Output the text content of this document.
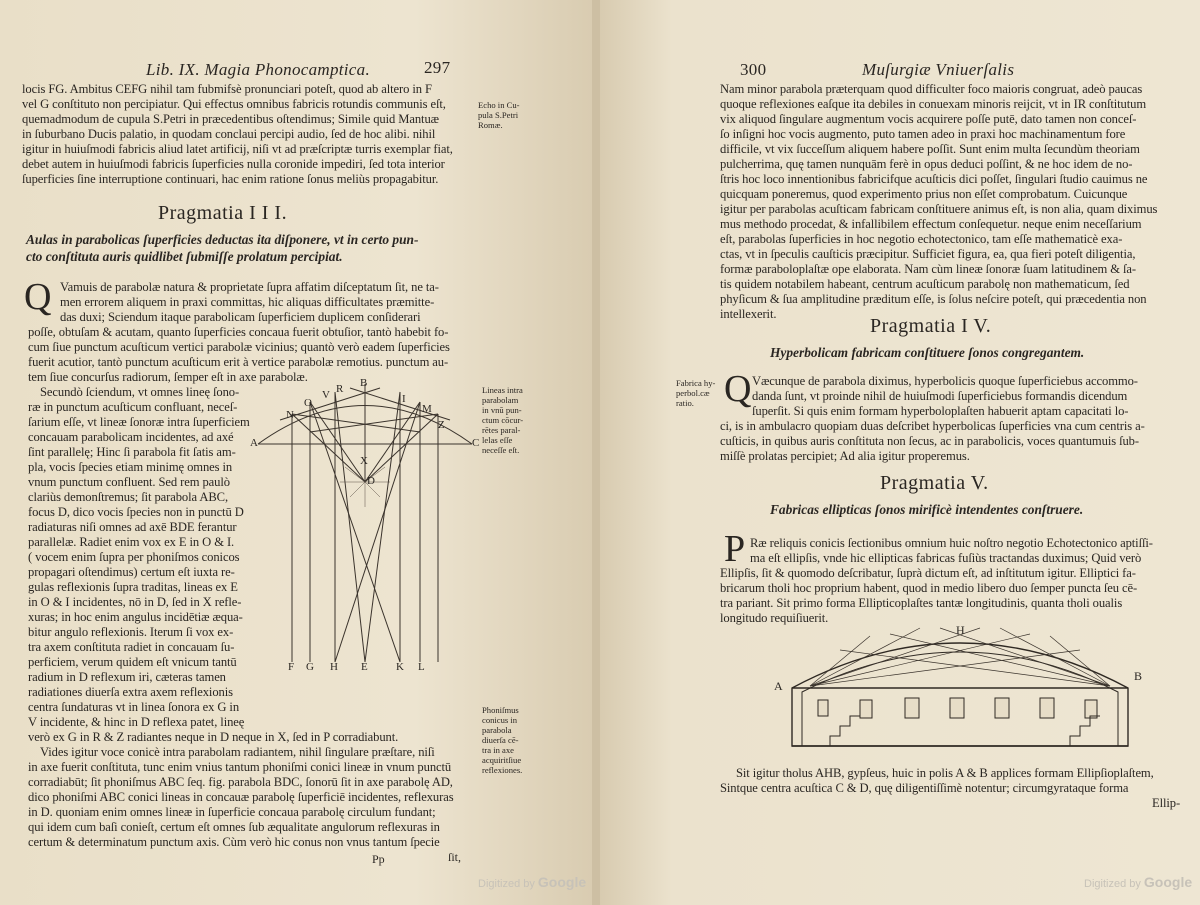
Lib. IX. Magia Phonocamptica.	297
locis FG. Ambitus CEFG nihil tam fubmifsè pronunciari poteſt, quod ab altero in F
vel G conſtituto non percipiatur. Qui effectus omnibus fabricis rotundis communis eſt,
quemadmodum de cupula S.Petri in præcedentibus oſtendimus; Simile quid Mantuæ
in ſuburbano Ducis palatio, in quodam conclaui percipi audio, ſed de hoc alibi. nihil
igitur in huiuſmodi fabricis aliud latet artificij, niſi vt ad præſcriptæ turris exemplar fiat,
debet autem in huiuſmodi fabricis ſuperficies nulla coronide impediri, ſed tota interior
ſuperficies ſine interruptione continuari, hac enim ratione ſonus meliùs propagabitur.
Echo in Cu-
pula S.Petri
Romæ.
Pragmatia I I I.
Aulas in parabolicas ſuperficies deductas ita diſponere, vt in certo pun-
cto conſtituta auris quidlibet ſubmiſſe prolatum percipiat.
Q Vamuis de parabolæ natura & proprietate ſupra affatim diſceptatum ſit, ne ta-
men errorem aliquem in praxi committas, hic aliquas difficultates præmitte-
das duxi; Sciendum itaque parabolicam ſuperficiem duplicem conſiderari
poſſe, obtuſam & acutam, quanto ſuperficies concaua fuerit obtuſior, tantò habebit fo-
cum ſiue punctum acuſticum vertici parabolæ vicinius; quantò verò eadem ſuperficies
fuerit acutior, tantò punctum acuſticum erit à vertice parabolæ remotius. punctum au-
tem ſiue concurſus radiorum, ſemper eſt in axe parabolæ.
Secundò ſciendum, vt omnes lineę ſono-
ræ in punctum acuſticum confluant, neceſ-
ſarium eſſe, vt lineæ ſonoræ intra ſuperficiem
concauam parabolicam incidentes, ad axé
ſint parallelę; Hinc ſi parabola fit ſatis am-
pla, vocis ſpecies etiam minimę omnes in
vnum punctum confluent. Sed rem paulò
clariùs demonſtremus; ſit parabola ABC,
focus D, dico vocis ſpecies non in punctū D
radiaturas niſi omnes ad axē BDE ferantur
parallelæ. Radiet enim vox ex E in O & I.
( vocem enim ſupra per phoniſmos conicos
propagari oſtendimus) certum eſt iuxta re-
gulas reflexionis ſupra traditas, lineas ex E
in O & I incidentes, nō in D, ſed in X refle-
xuras; in hoc enim angulus incidētiæ æqua-
bitur angulo reflexionis. Iterum ſi vox ex-
tra axem conſtituta radiet in concauam ſu-
perficiem, verum quidem eſt vnicum tantū
radium in D reflexum iri, cæteras tamen
radiationes diuerſa extra axem reflexionis
centra ſundaturas vt in linea ſonora ex G in
V incidente, & hinc in D reflexa patet, lineę
verò ex G in R & Z radiantes neque in D neque in X, ſed in P corradiabunt.
Vides igitur voce conicè intra parabolam radiantem, nihil ſingulare præſtare, niſi
in axe fuerit conſtituta, tunc enim vnius tantum phoniſmi conici lineæ in vnum punctū
corradiabūt; ſit phoniſmus ABC ſeq. fig. parabola BDC, ſonorū ſit in axe parabolę AD,
dico phoniſmi ABC conici lineas in concauæ parabolę ſuperficiē incidentes, reflexuras
in D. quoniam enim omnes lineæ in ſuperficie concaua parabolę circulum fundant;
qui idem cum baſi conieſt, certum eſt omnes ſub æqualitate angulorum reflexuras in
certum & determinatum punctum axis. Cùm verò hic conus non vnus tantum ſpecie
Lineas intra
parabolam
in vnū pun-
ctum cōcur-
rētes paral-
lelas eſſe
neceſſe eſt.
Phoniſmus
conicus in
parabola
diuerſa cē-
tra in axe
acquiritſiue
reflexiones.
Pp	ſit,
A	C
B
N
O
V R
I
M
Z
X
D
F G H E	K L
Digitized by Google
300	Muſurgiæ Vniuerſalis
Nam minor parabola præterquam quod difficulter foco maioris congruat, adeò paucas
quoque reflexiones eaſque ita debiles in conuexam minoris reijcit, vt in IR conſtitutum
vix aliquod ſingulare augmentum vocis acquirere poſſe putē, dato tamen non conceſ-
ſo inſigni hoc vocis augmento, puto tamen adeo in praxi hoc machinamentum fore
difficile, vt vix ſucceſſum aliquem habere poſſit. Sunt enim multa ſecundùm theoriam
pulcherrima, quę tamen nunquām ferè in opus deduci poſſint, & ne hoc idem de no-
ſtris hoc loco innentionibus fabricifque acuſticis dici poſſet, ſingulari ſtudio cauimus ne
quicquam poneremus, quod experimento prius non eſſet comprobatum. Cuicunque
igitur per parabolas acuſticam fabricam conſtituere animus eſt, is non alia, quam diximus
mus methodo procedat, & infallibilem effectum conſequetur. neque enim neceſſarium
eſt, parabolas ſuperficies in hoc negotio echotectonico, tam eſſe mathematicè exa-
ctas, vt in ſpeculis cauſticis præcipitur. Sufficiet figura, ea, qua fieri poteſt diligentia,
formæ paraboloplaſtæ ope elaborata. Nam cùm lineæ ſonoræ ſuam latitudinem & ſa-
tis quidem notabilem habeant, centrum acuſticum parabolę non mathematicum, ſed
phyſicum & ſua amplitudine præditum eſſe, is ſolus neſcire poteſt, qui præcedentia non
intellexerit.
Pragmatia I V.
Hyperbolicam fabricam conſtituere ſonos congregantem.
Fabrica hy-
perbol.cæ
ratio. Q Væcunque de parabola diximus, hyperbolicis quoque ſuperficiebus accommo-
danda ſunt, vt proinde nihil de huiuſmodi ſuperficiebus formandis dicendum
ſuperſit. Si quis enim formam hyperboloplaſten habuerit aptam capacitati lo-
ci, is in ambulacro quopiam duas deſcribet hyperbolicas ſuperficies vna cum centris a-
cuſticis, in quibus auris conſtituta non ſecus, ac in parabolicis, voces quantumuis ſub-
miſſè prolatas percipiet; Ad alia igitur properemus.
Pragmatia V.
Fabricas ellipticas ſonos mirificè intendentes conſtruere.
P Ræ reliquis conicis ſectionibus omnium huic noſtro negotio Echotectonico aptiſſi-
ma eſt ellipſis, vnde hic ellipticas fabricas fuſiùs tractandas duximus; Quid verò
Ellipſis, ſit & quomodo deſcribatur, ſuprà dictum eſt, ad inſtitutum igitur. Elliptici fa-
bricarum tholi hoc proprium habent, quod in medio libero duo ſemper puncta ſeu cē-
tra pariant. Sit primo forma Ellipticoplaſtes tantæ longitudinis, quanta tholi oualis
longitudo requiſiuerit.
A
B
H
Sit igitur tholus AHB, gypſeus, huic in polis A & B applices formam Ellipſioplaſtem,
Sintque centra acuſtica C & D, quę diligentiſſimè notentur; circumgyrataque forma
Ellip-
Digitized by Google
